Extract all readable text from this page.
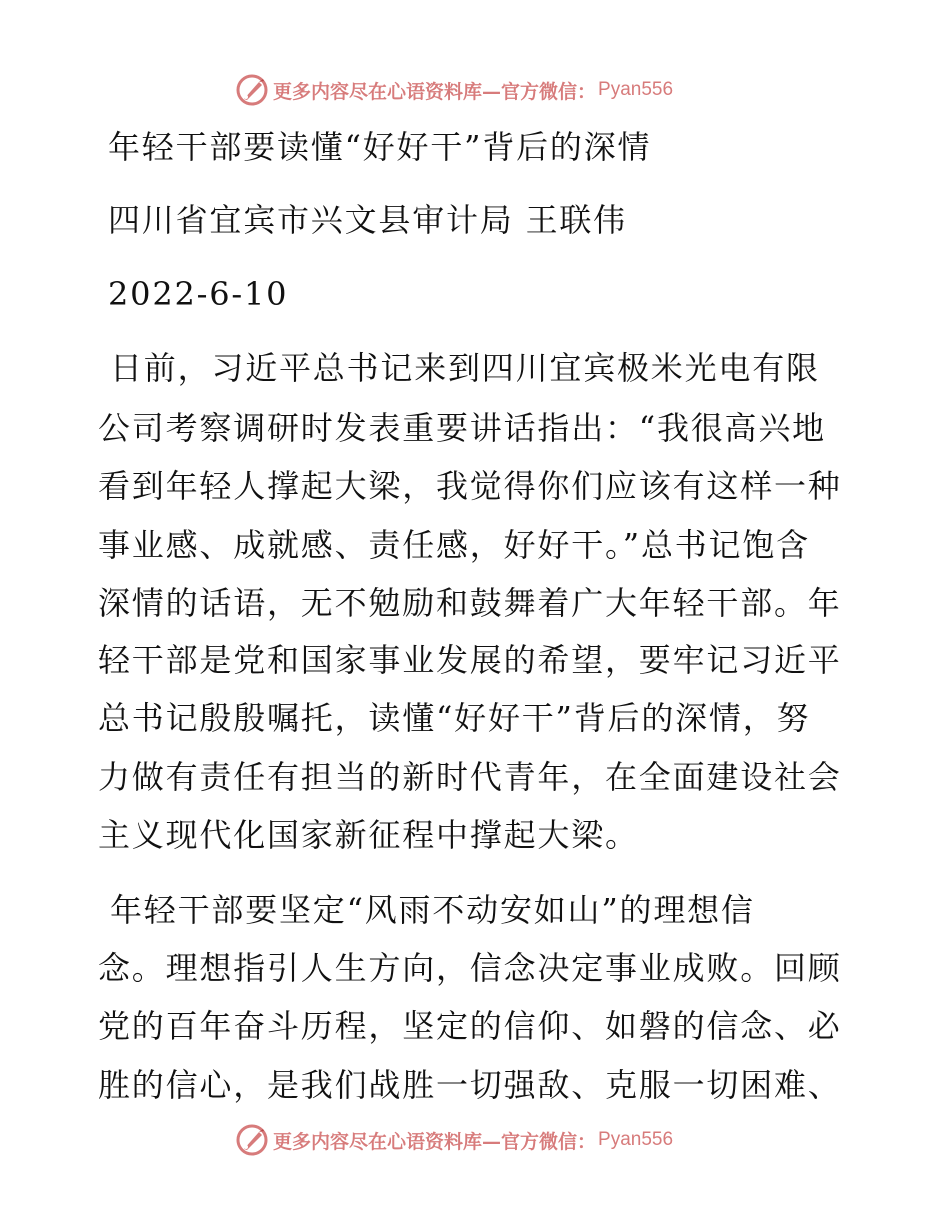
更多内容尽在心语资料库—官方微信： Pyan556
年轻干部要读懂“好好干”背后的深情
四川省宜宾市兴文县审计局 王联伟
2022-6-10
日前，习近平总书记来到四川宜宾极米光电有限
公司考察调研时发表重要讲话指出：“我很高兴地
看到年轻人撑起大梁，我觉得你们应该有这样一种
事业感、成就感、责任感，好好干。”总书记饱含
深情的话语，无不勉励和鼓舞着广大年轻干部。年
轻干部是党和国家事业发展的希望，要牢记习近平
总书记殷殷嘱托，读懂“好好干”背后的深情，努
力做有责任有担当的新时代青年，在全面建设社会
主义现代化国家新征程中撑起大梁。
年轻干部要坚定“风雨不动安如山”的理想信
念。理想指引人生方向，信念决定事业成败。回顾
党的百年奋斗历程，坚定的信仰、如磐的信念、必
胜的信心，是我们战胜一切强敌、克服一切困难、
更多内容尽在心语资料库—官方微信： Pyan556
